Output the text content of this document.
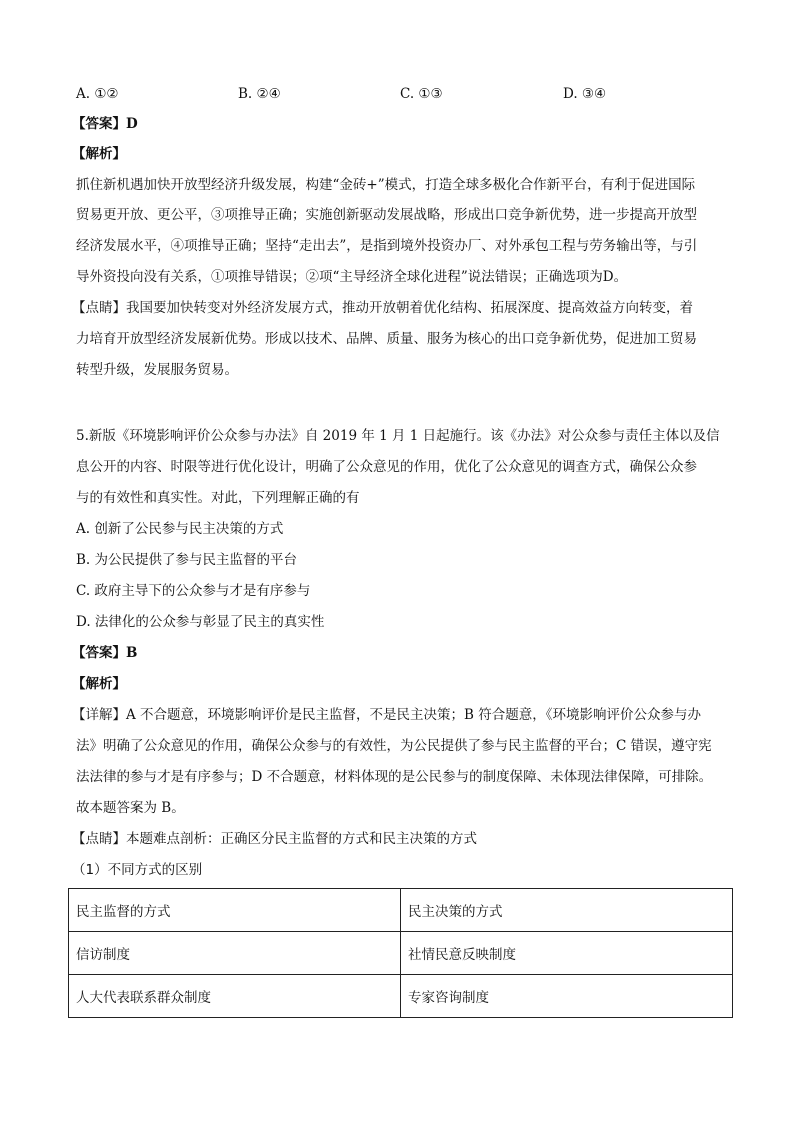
A. ①②	B. ②④	C. ①③	D. ③④
【答案】D
【解析】
抓住新机遇加快开放型经济升级发展，构建“金砖+”模式，打造全球多极化合作新平台，有利于促进国际
贸易更开放、更公平，③项推导正确；实施创新驱动发展战略，形成出口竞争新优势，进一步提高开放型
经济发展水平，④项推导正确；坚持“走出去”，是指到境外投资办厂、对外承包工程与劳务输出等，与引
导外资投向没有关系，①项推导错误；②项“主导经济全球化进程”说法错误；正确选项为D。
【点睛】我国要加快转变对外经济发展方式，推动开放朝着优化结构、拓展深度、提高效益方向转变，着
力培育开放型经济发展新优势。形成以技术、品牌、质量、服务为核心的出口竞争新优势，促进加工贸易
转型升级，发展服务贸易。
5.新版《环境影响评价公众参与办法》自 2019 年 1 月 1 日起施行。该《办法》对公众参与责任主体以及信
息公开的内容、时限等进行优化设计，明确了公众意见的作用，优化了公众意见的调查方式，确保公众参
与的有效性和真实性。对此，下列理解正确的有
A. 创新了公民参与民主决策的方式
B. 为公民提供了参与民主监督的平台
C. 政府主导下的公众参与才是有序参与
D. 法律化的公众参与彰显了民主的真实性
【答案】B
【解析】
【详解】A 不合题意，环境影响评价是民主监督，不是民主决策；B 符合题意，《环境影响评价公众参与办
法》明确了公众意见的作用，确保公众参与的有效性，为公民提供了参与民主监督的平台；C 错误，遵守宪
法法律的参与才是有序参与；D 不合题意，材料体现的是公民参与的制度保障、未体现法律保障，可排除。
故本题答案为 B。
【点睛】本题难点剖析：正确区分民主监督的方式和民主决策的方式
（1）不同方式的区别
民主监督的方式	民主决策的方式
信访制度	社情民意反映制度
人大代表联系群众制度	专家咨询制度
